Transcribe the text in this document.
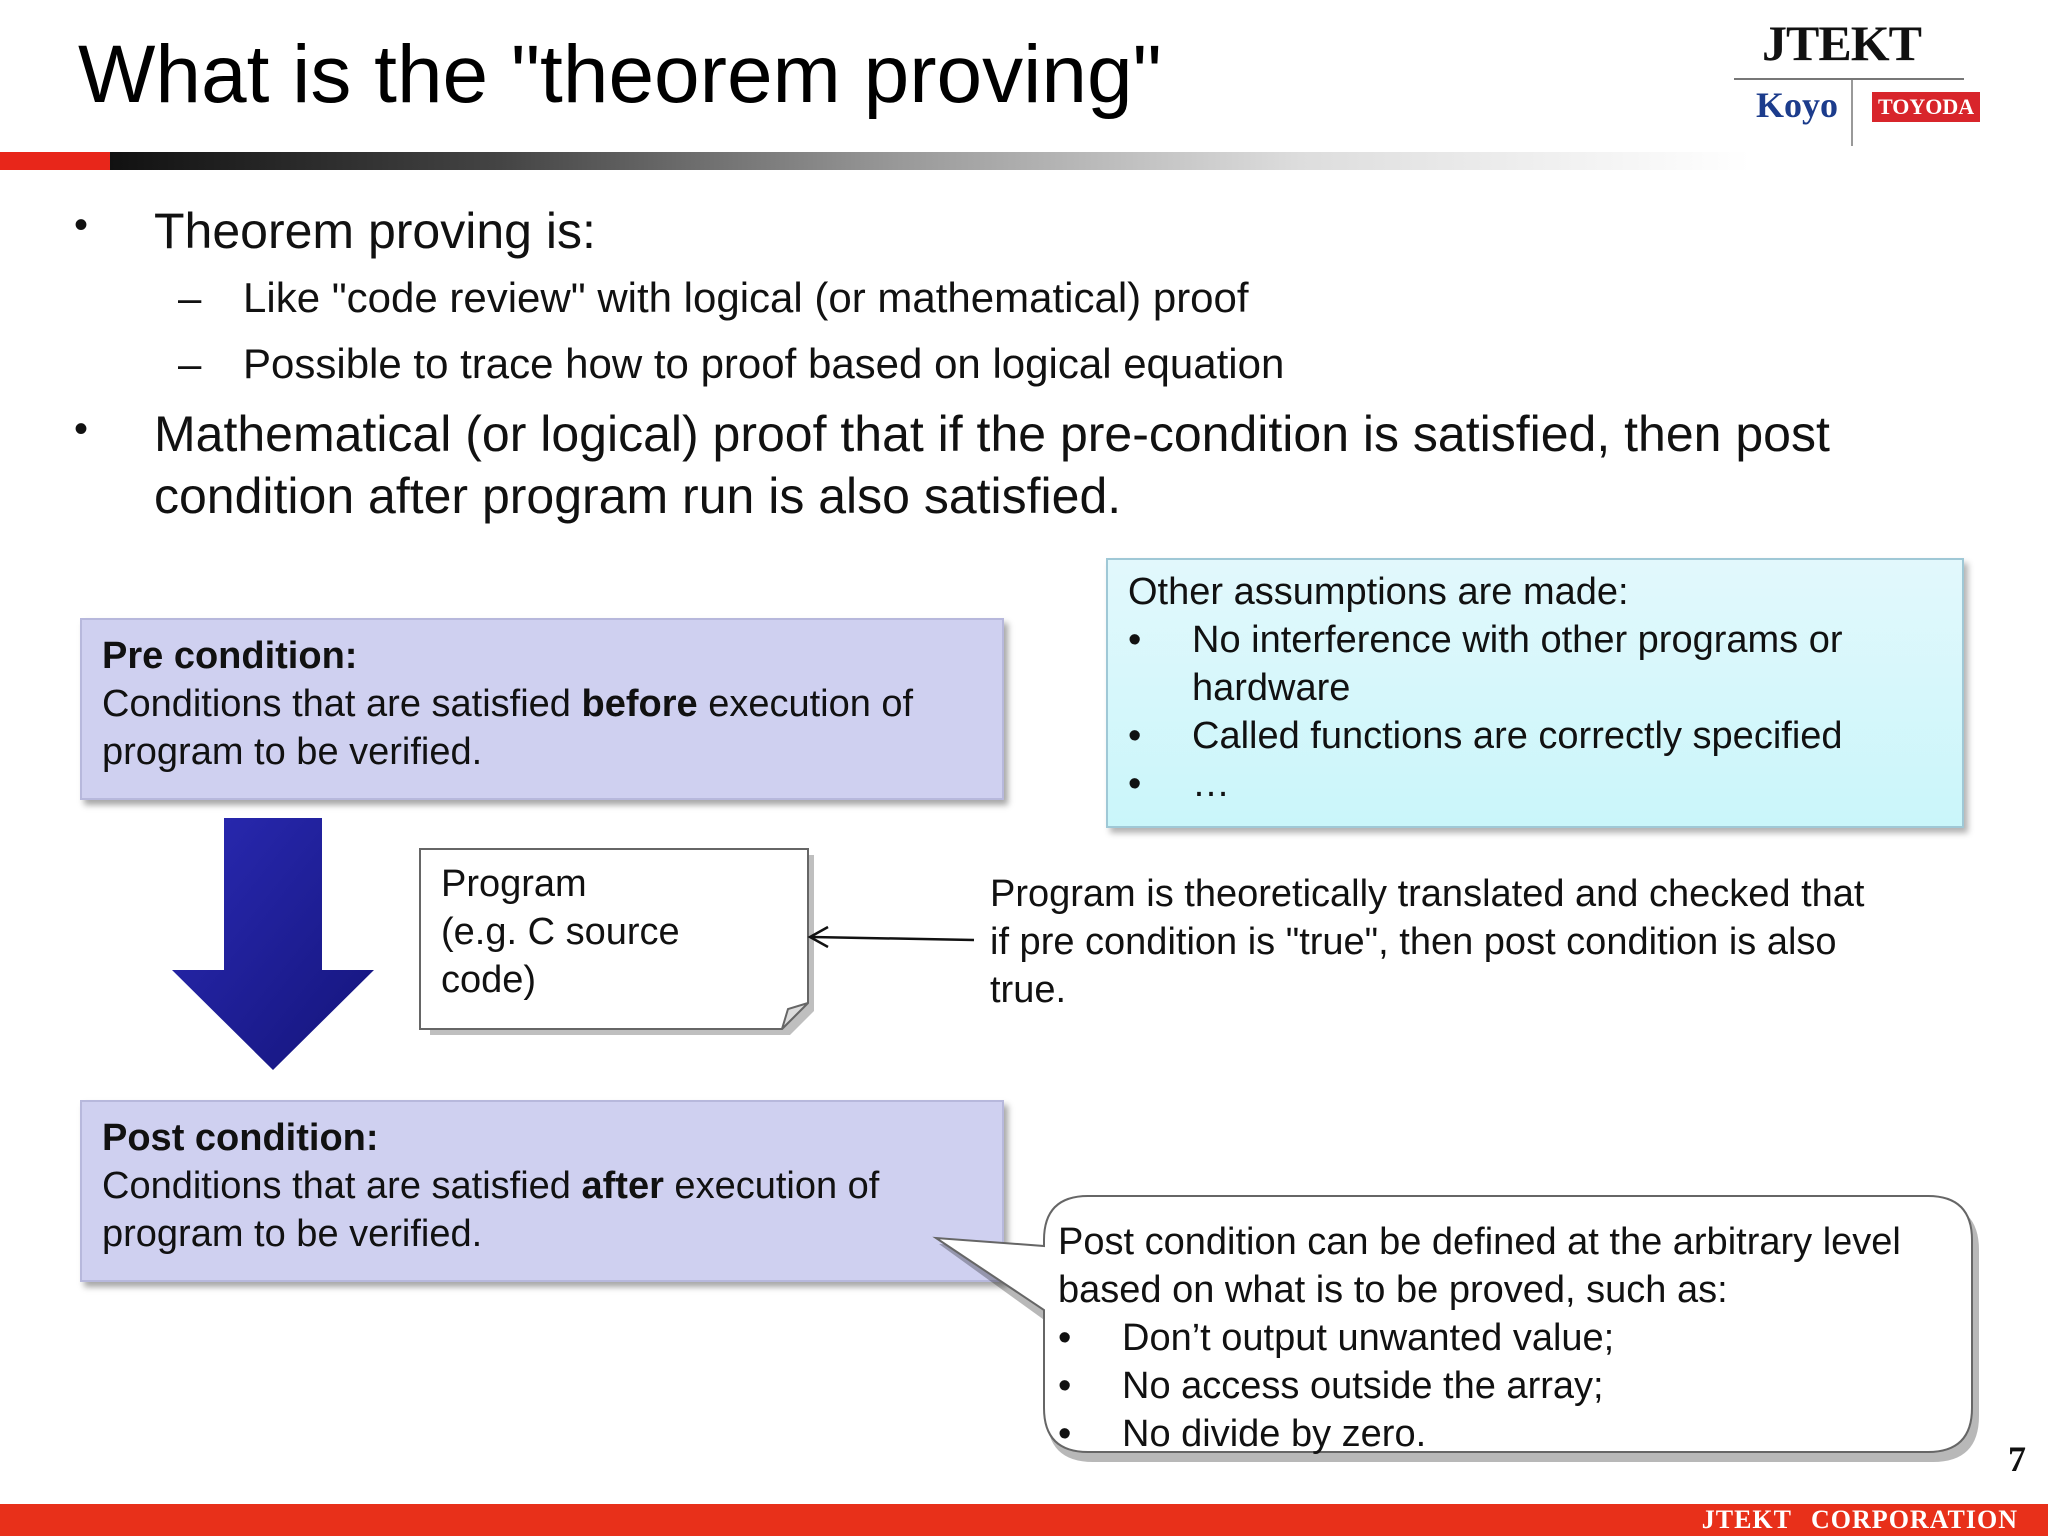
What is the "theorem proving"	JTEKT
Koyo TOYODA
• Theorem proving is:
– Like "code review" with logical (or mathematical) proof
– Possible to trace how to proof based on logical equation
• Mathematical (or logical) proof that if the pre-condition is satisfied, then post
condition after program run is also satisfied.
Pre condition:
Conditions that are satisfied before execution of
program to be verified.
Other assumptions are made:
•	No interference with other programs or
hardware
•	Called functions are correctly specified
•	…
Program
(e.g. C source
code)
Program is theoretically translated and checked that
if pre condition is "true", then post condition is also
true.
Post condition:
Conditions that are satisfied after execution of
program to be verified.	Post condition can be defined at the arbitrary level
based on what is to be proved, such as:
•	Don’t output unwanted value;
•	No access outside the array;
•	No divide by zero.
7
JTEKT CORPORATION
